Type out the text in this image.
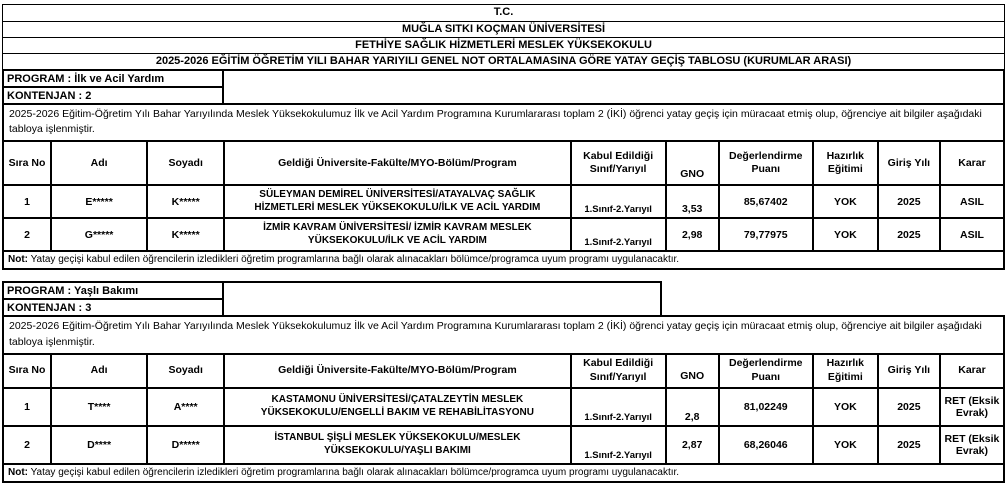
T.C.
MUĞLA SITKI KOÇMAN ÜNİVERSİTESİ
FETHİYE SAĞLIK HİZMETLERİ MESLEK YÜKSEKOKULU
2025-2026 EĞİTİM ÖĞRETİM YILI BAHAR YARIYILI GENEL NOT ORTALAMASINA GÖRE YATAY GEÇİŞ TABLOSU (KURUMLAR ARASI)
PROGRAM : İlk ve Acil Yardım
KONTENJAN : 2
2025-2026 Eğitim-Öğretim Yılı Bahar Yarıyılında Meslek Yüksekokulumuz İlk ve Acil Yardım Programına Kurumlararası toplam 2 (İKİ) öğrenci yatay geçiş için müracaat etmiş olup, öğrenciye ait bilgiler aşağıdaki tabloya işlenmiştir.
Sıra No	Adı	Soyadı	Geldiği Üniversite-Fakülte/MYO-Bölüm/Program	Kabul Edildiği Sınıf/Yarıyıl	GNO	Değerlendirme Puanı	Hazırlık Eğitimi	Giriş Yılı	Karar
1	E*****	K*****	SÜLEYMAN DEMİREL ÜNİVERSİTESİ/ATAYALVAÇ SAĞLIK HİZMETLERİ MESLEK YÜKSEKOKULU/İLK VE ACİL YARDIM	1.Sınıf-2.Yarıyıl	3,53	85,67402	YOK	2025	ASIL
2	G*****	K*****	İZMİR KAVRAM ÜNİVERSİTESİ/ İZMİR KAVRAM MESLEK YÜKSEKOKULU/İLK VE ACİL YARDIM	1.Sınıf-2.Yarıyıl	2,98	79,77975	YOK	2025	ASIL
Not: Yatay geçişi kabul edilen öğrencilerin izledikleri öğretim programlarına bağlı olarak alınacakları bölümce/programca uyum programı uygulanacaktır.
PROGRAM : Yaşlı Bakımı
KONTENJAN : 3
2025-2026 Eğitim-Öğretim Yılı Bahar Yarıyılında Meslek Yüksekokulumuz İlk ve Acil Yardım Programına Kurumlararası toplam 2 (İKİ) öğrenci yatay geçiş için müracaat etmiş olup, öğrenciye ait bilgiler aşağıdaki tabloya işlenmiştir.
Sıra No	Adı	Soyadı	Geldiği Üniversite-Fakülte/MYO-Bölüm/Program	Kabul Edildiği Sınıf/Yarıyıl	GNO	Değerlendirme Puanı	Hazırlık Eğitimi	Giriş Yılı	Karar
1	T****	A****	KASTAMONU ÜNİVERSİTESİ/ÇATALZEYTİN MESLEK YÜKSEKOKULU/ENGELLİ BAKIM VE REHABİLİTASYONU	1.Sınıf-2.Yarıyıl	2,8	81,02249	YOK	2025	RET (Eksik Evrak)
2	D****	D*****	İSTANBUL ŞİŞLİ MESLEK YÜKSEKOKULU/MESLEK YÜKSEKOKULU/YAŞLI BAKIMI	1.Sınıf-2.Yarıyıl	2,87	68,26046	YOK	2025	RET (Eksik Evrak)
Not: Yatay geçişi kabul edilen öğrencilerin izledikleri öğretim programlarına bağlı olarak alınacakları bölümce/programca uyum programı uygulanacaktır.
